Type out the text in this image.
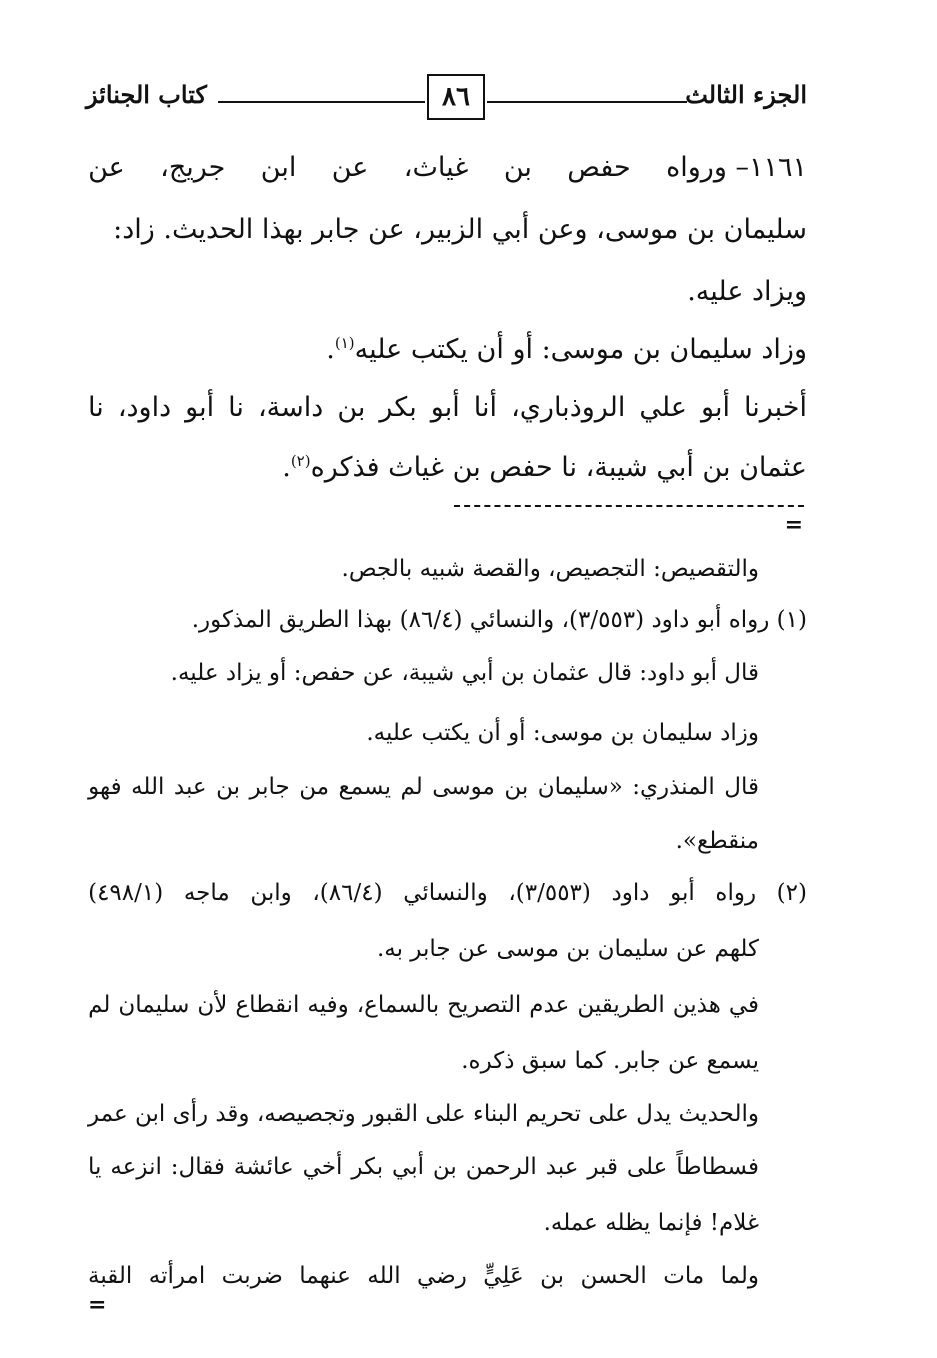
الجزء الثالث
٨٦
كتاب الجنائز
١١٦١– ورواه
حفص
بن
غياث،
عن
ابن
جريج،
عن
سليمان بن موسى، وعن أبي الزبير، عن جابر بهذا الحديث. زاد:
ويزاد عليه.
وزاد سليمان بن موسى: أو أن يكتب عليه$^{(١)}$.
أخبرنا
أبو
علي
الروذباري،
أنا
أبو
بكر
بن
داسة،
نا
أبو
داود،
نا
عثمان بن أبي شيبة، نا حفص بن غياث فذكره$^{(٢)}$.
=
والتقصيص: التجصيص، والقصة شبيه بالجص.
(١) رواه أبو داود (٣/٥٥٣)، والنسائي (٨٦/٤) بهذا الطريق المذكور.
قال أبو داود: قال عثمان بن أبي شيبة، عن حفص: أو يزاد عليه.
وزاد سليمان بن موسى: أو أن يكتب عليه.
قال
المنذري:
«سليمان
بن
موسى
لم
يسمع
من
جابر
بن
عبد
الله
فهو
منقطع».
(٢)
رواه
أبو
داود
(٣/٥٥٣)،
والنسائي
(٨٦/٤)،
وابن
ماجه
(٤٩٨/١)
كلهم عن سليمان بن موسى عن جابر به.
في
هذين
الطريقين
عدم
التصريح
بالسماع،
وفيه
انقطاع
لأن
سليمان
لم
يسمع عن جابر. كما سبق ذكره.
والحديث
يدل
على
تحريم
البناء
على
القبور
وتجصيصه،
وقد
رأى
ابن
عمر
فسطاطاً
على
قبر
عبد
الرحمن
بن
أبي
بكر
أخي
عائشة
فقال:
انزعه
يا
غلام! فإنما يظله عمله.
ولما
مات
الحسن
بن
عَلِيٍّ
رضي
الله
عنهما
ضربت
امرأته
القبة
=
